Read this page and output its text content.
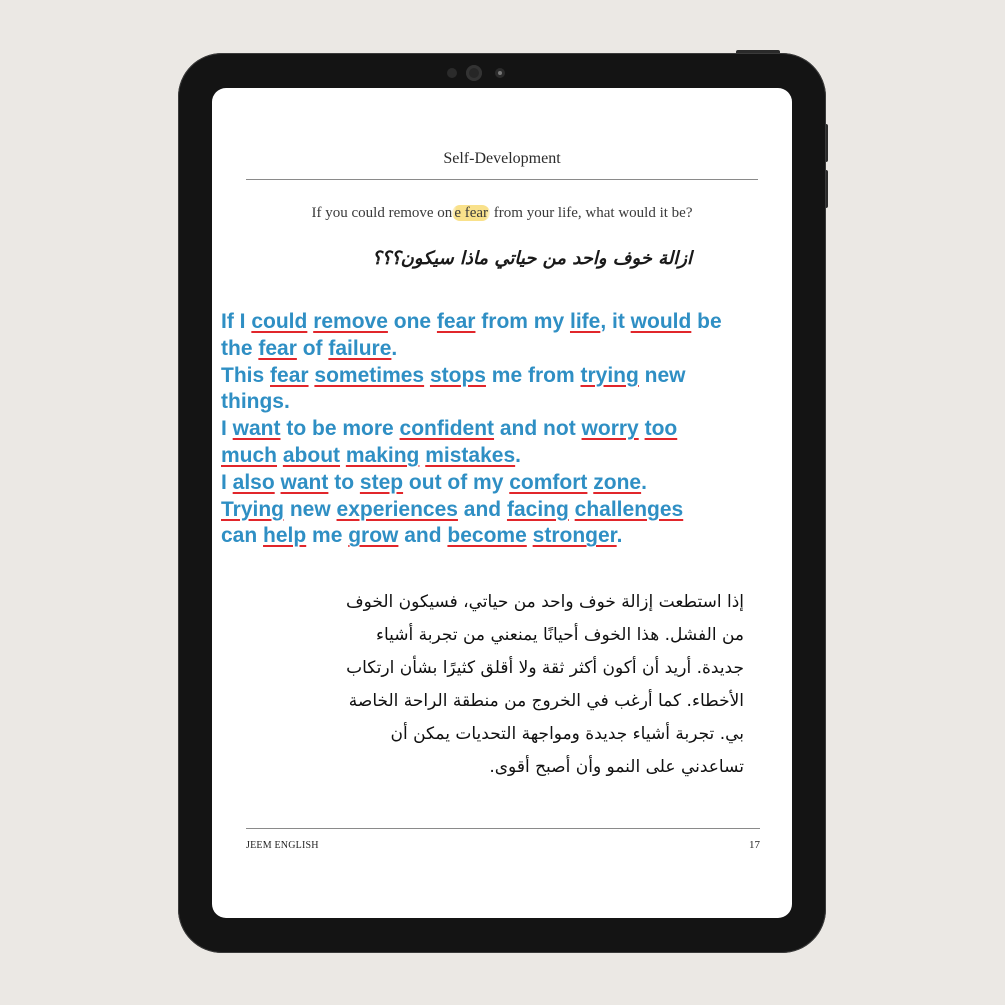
Self-Development
If you could remove on e fear from your life, what would it be?
ازالة خوف واحد من حياتي ماذا سيكون؟؟؟
If I could remove one fear from my life, it would be
the fear of failure.
This fear sometimes stops me from trying new
things.
I want to be more confident and not worry too
much about making mistakes.
I also want to step out of my comfort zone.
Trying new experiences and facing challenges
can help me grow and become stronger.
إذا استطعت إزالة خوف واحد من حياتي، فسيكون الخوف
من الفشل. هذا الخوف أحيانًا يمنعني من تجربة أشياء
جديدة. أريد أن أكون أكثر ثقة ولا أقلق كثيرًا بشأن ارتكاب
الأخطاء. كما أرغب في الخروج من منطقة الراحة الخاصة
بي. تجربة أشياء جديدة ومواجهة التحديات يمكن أن
تساعدني على النمو وأن أصبح أقوى.
JEEM ENGLISH	17
